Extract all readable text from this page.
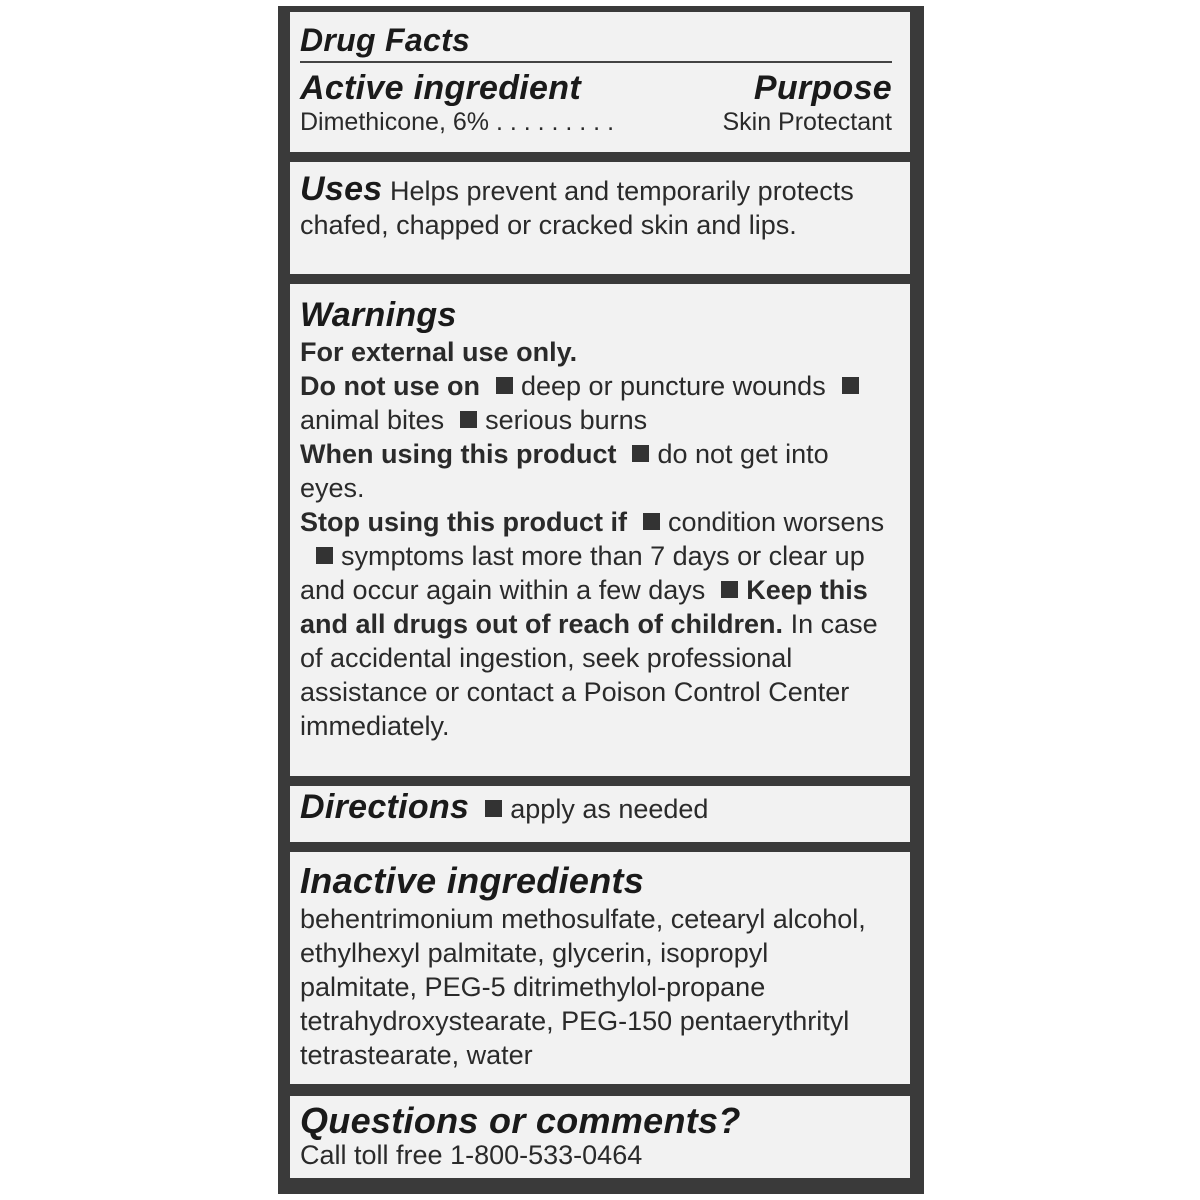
Drug Facts
Active ingredient	Purpose
Dimethicone, 6% . . . . . . . . .	Skin Protectant
Uses Helps prevent and temporarily protects chafed, chapped or cracked skin and lips.
Warnings
For external use only.
Do not use on deep or puncture woundsanimal bites serious burns
When using this product do not get into eyes.
Stop using this product if condition worsenssymptoms last more than 7 days or clear up and occur again within a few days Keep this and all drugs out of reach of children. In case of accidental ingestion, seek professional assistance or contact a Poison Control Center immediately.
Directions apply as needed
Inactive ingredients
behentrimonium methosulfate, cetearyl alcohol, ethylhexyl palmitate, glycerin, isopropyl palmitate, PEG-5 ditrimethylol-propane tetrahydroxystearate, PEG-150 pentaerythrityl tetrastearate, water
Questions or comments?
Call toll free 1-800-533-0464
